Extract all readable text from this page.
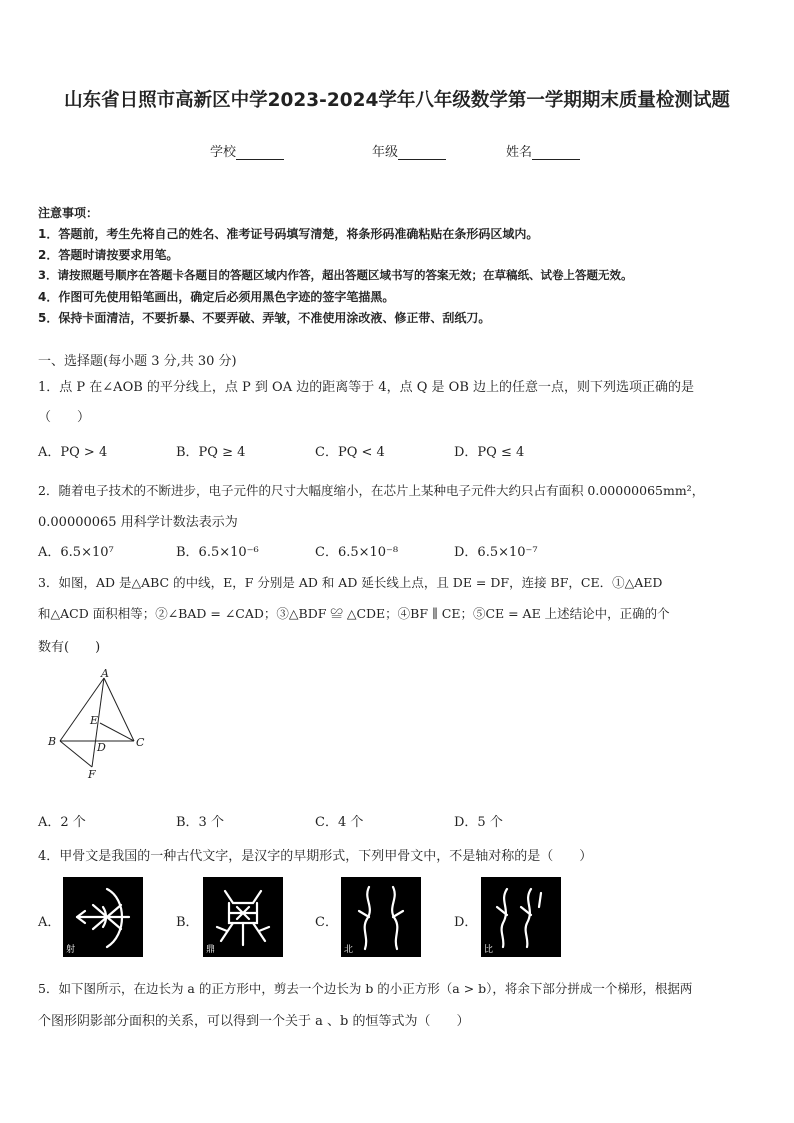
山东省日照市高新区中学2023-2024学年八年级数学第一学期期末质量检测试题
学校	年级	姓名
注意事项：
1．答题前，考生先将自己的姓名、准考证号码填写清楚，将条形码准确粘贴在条形码区域内。
2．答题时请按要求用笔。
3．请按照题号顺序在答题卡各题目的答题区域内作答，超出答题区域书写的答案无效；在草稿纸、试卷上答题无效。
4．作图可先使用铅笔画出，确定后必须用黑色字迹的签字笔描黑。
5．保持卡面清洁，不要折暴、不要弄破、弄皱，不准使用涂改液、修正带、刮纸刀。
一、选择题(每小题 3 分,共 30 分)
1．点 P 在∠AOB 的平分线上，点 P 到 OA 边的距离等于 4，点 Q 是 OB 边上的任意一点，则下列选项正确的是
（　　）
A．PQ > 4	B．PQ ≥ 4	C．PQ < 4	D．PQ ≤ 4
2．随着电子技术的不断进步，电子元件的尺寸大幅度缩小，在芯片上某种电子元件大约只占有面积 0.00000065mm²，
0.00000065 用科学计数法表示为
A．6.5×10⁷	B．6.5×10⁻⁶	C．6.5×10⁻⁸	D．6.5×10⁻⁷
3．如图，AD 是△ABC 的中线，E，F 分别是 AD 和 AD 延长线上点，且 DE = DF，连接 BF，CE．①△AED
和△ACD 面积相等；②∠BAD = ∠CAD；③△BDF ≌ △CDE；④BF ∥ CE；⑤CE = AE 上述结论中，正确的个
数有(　　)
A
B	C
D
E
F
A．2 个	B．3 个	C．4 个	D．5 个
4．甲骨文是我国的一种古代文字，是汉字的早期形式，下列甲骨文中，不是轴对称的是（　　）
A．
射
B．
鼎
C．
北
D．
比
5．如下图所示，在边长为 a 的正方形中，剪去一个边长为 b 的小正方形（a > b），将余下部分拼成一个梯形，根据两
个图形阴影部分面积的关系，可以得到一个关于 a 、b 的恒等式为（　　）
